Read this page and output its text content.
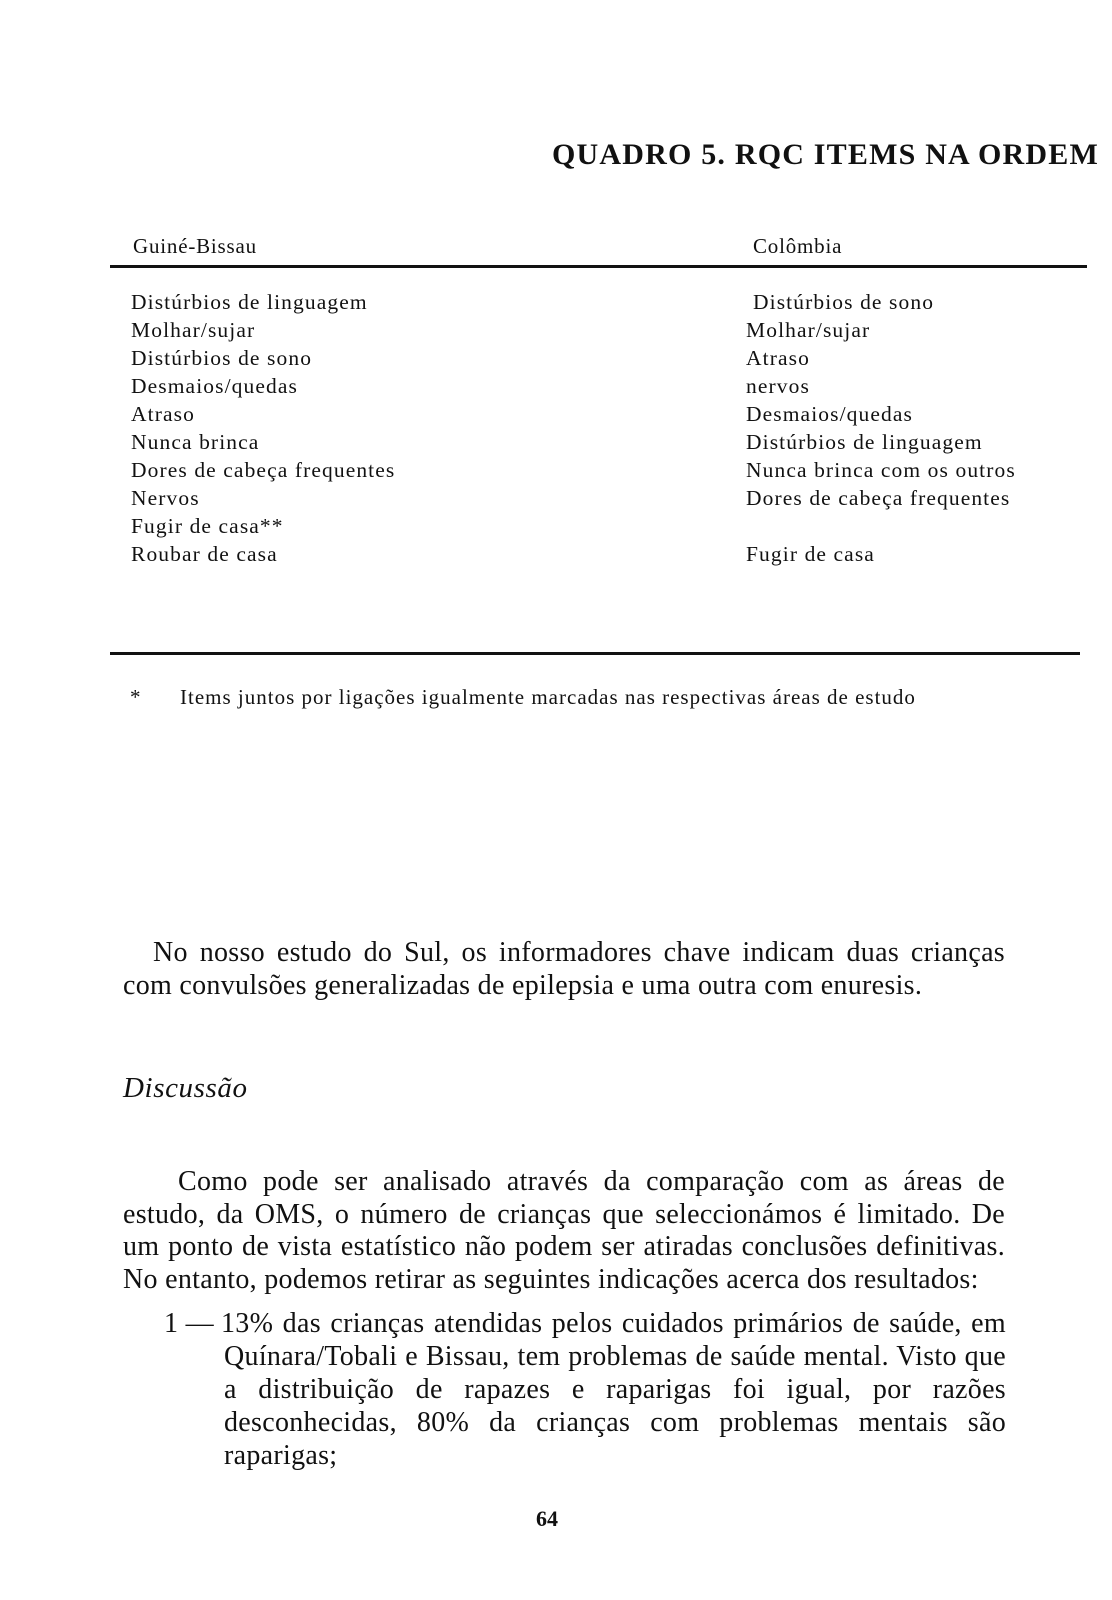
QUADRO 5. RQC ITEMS NA ORDEM
Guiné-Bissau	Colômbia
Distúrbios de linguagem
Molhar/sujar
Distúrbios de sono
Desmaios/quedas
Atraso
Nunca brinca
Dores de cabeça frequentes
Nervos
Fugir de casa**
Roubar de casa
Distúrbios de sono
Molhar/sujar
Atraso
nervos
Desmaios/quedas
Distúrbios de linguagem
Nunca brinca com os outros
Dores de cabeça frequentes
Fugir de casa
*	Items juntos por ligações igualmente marcadas nas respectivas áreas de estudo

No nosso estudo do Sul, os informadores chave indicam duas crianças com convulsões generalizadas de epilepsia e uma outra com enuresis.

Discussão

Como pode ser analisado através da comparação com as áreas de estudo, da OMS, o número de crianças que seleccionámos é limitado. De um ponto de vista estatístico não podem ser atiradas conclusões definitivas. No entanto, podemos retirar as seguintes indicações acerca dos resultados:

1 — 13% das crianças atendidas pelos cuidados primários de saúde, em Quínara/Tobali e Bissau, tem problemas de saúde mental. Visto que a distribuição de rapazes e raparigas foi igual, por razões desconhecidas, 80% da crianças com problemas mentais são raparigas;
64
